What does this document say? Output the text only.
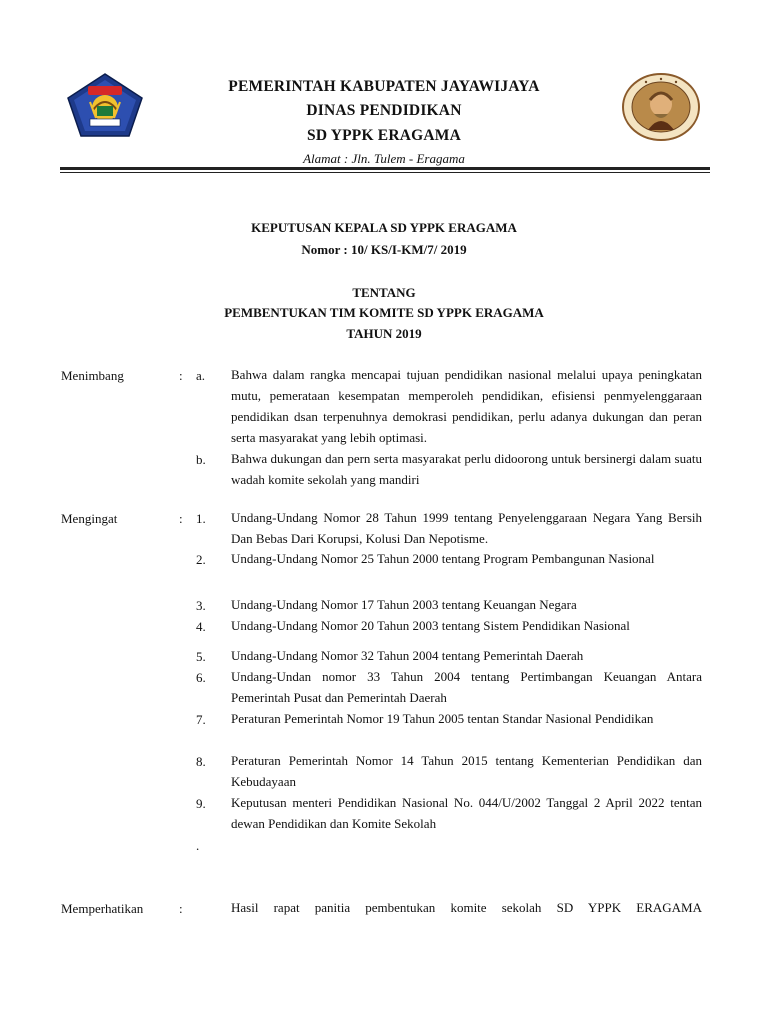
PEMERINTAH KABUPATEN JAYAWIJAYA
DINAS PENDIDIKAN
SD YPPK ERAGAMA
Alamat : Jln. Tulem - Eragama
KEPUTUSAN KEPALA SD YPPK ERAGAMA
Nomor : 10/ KS/I-KM/7/ 2019
TENTANG
PEMBENTUKAN TIM KOMITE SD YPPK ERAGAMA
TAHUN 2019
Menimbang	: a. Bahwa dalam rangka mencapai tujuan pendidikan nasional melalui upaya peningkatan mutu, pemerataan kesempatan memperoleh pendidikan, efisiensi penmyelenggaraan pendidikan dsan terpenuhnya demokrasi pendidikan, perlu adanya dukungan dan peran serta masyarakat yang lebih optimasi.
b. Bahwa dukungan dan pern serta masyarakat perlu didoorong untuk bersinergi dalam suatu wadah komite sekolah yang mandiri
Mengingat	: 1. Undang-Undang Nomor 28 Tahun 1999 tentang Penyelenggaraan Negara Yang Bersih Dan Bebas Dari Korupsi, Kolusi Dan Nepotisme.
2. Undang-Undang Nomor 25 Tahun 2000 tentang Program Pembangunan Nasional
3. Undang-Undang Nomor 17 Tahun 2003 tentang Keuangan Negara
4. Undang-Undang Nomor 20 Tahun 2003 tentang Sistem Pendidikan Nasional
5. Undang-Undang Nomor 32 Tahun 2004 tentang Pemerintah Daerah
6. Undang-Undan nomor 33 Tahun 2004 tentang Pertimbangan Keuangan Antara Pemerintah Pusat dan Pemerintah Daerah
7. Peraturan Pemerintah Nomor 19 Tahun 2005 tentan Standar Nasional Pendidikan
8. Peraturan Pemerintah Nomor 14 Tahun 2015 tentang Kementerian Pendidikan dan Kebudayaan
9. Keputusan menteri Pendidikan Nasional No. 044/U/2002 Tanggal 2 April 2022 tentan dewan Pendidikan dan Komite Sekolah
.
Memperhatikan	:	Hasil rapat panitia pembentukan komite sekolah SD YPPK ERAGAMA
